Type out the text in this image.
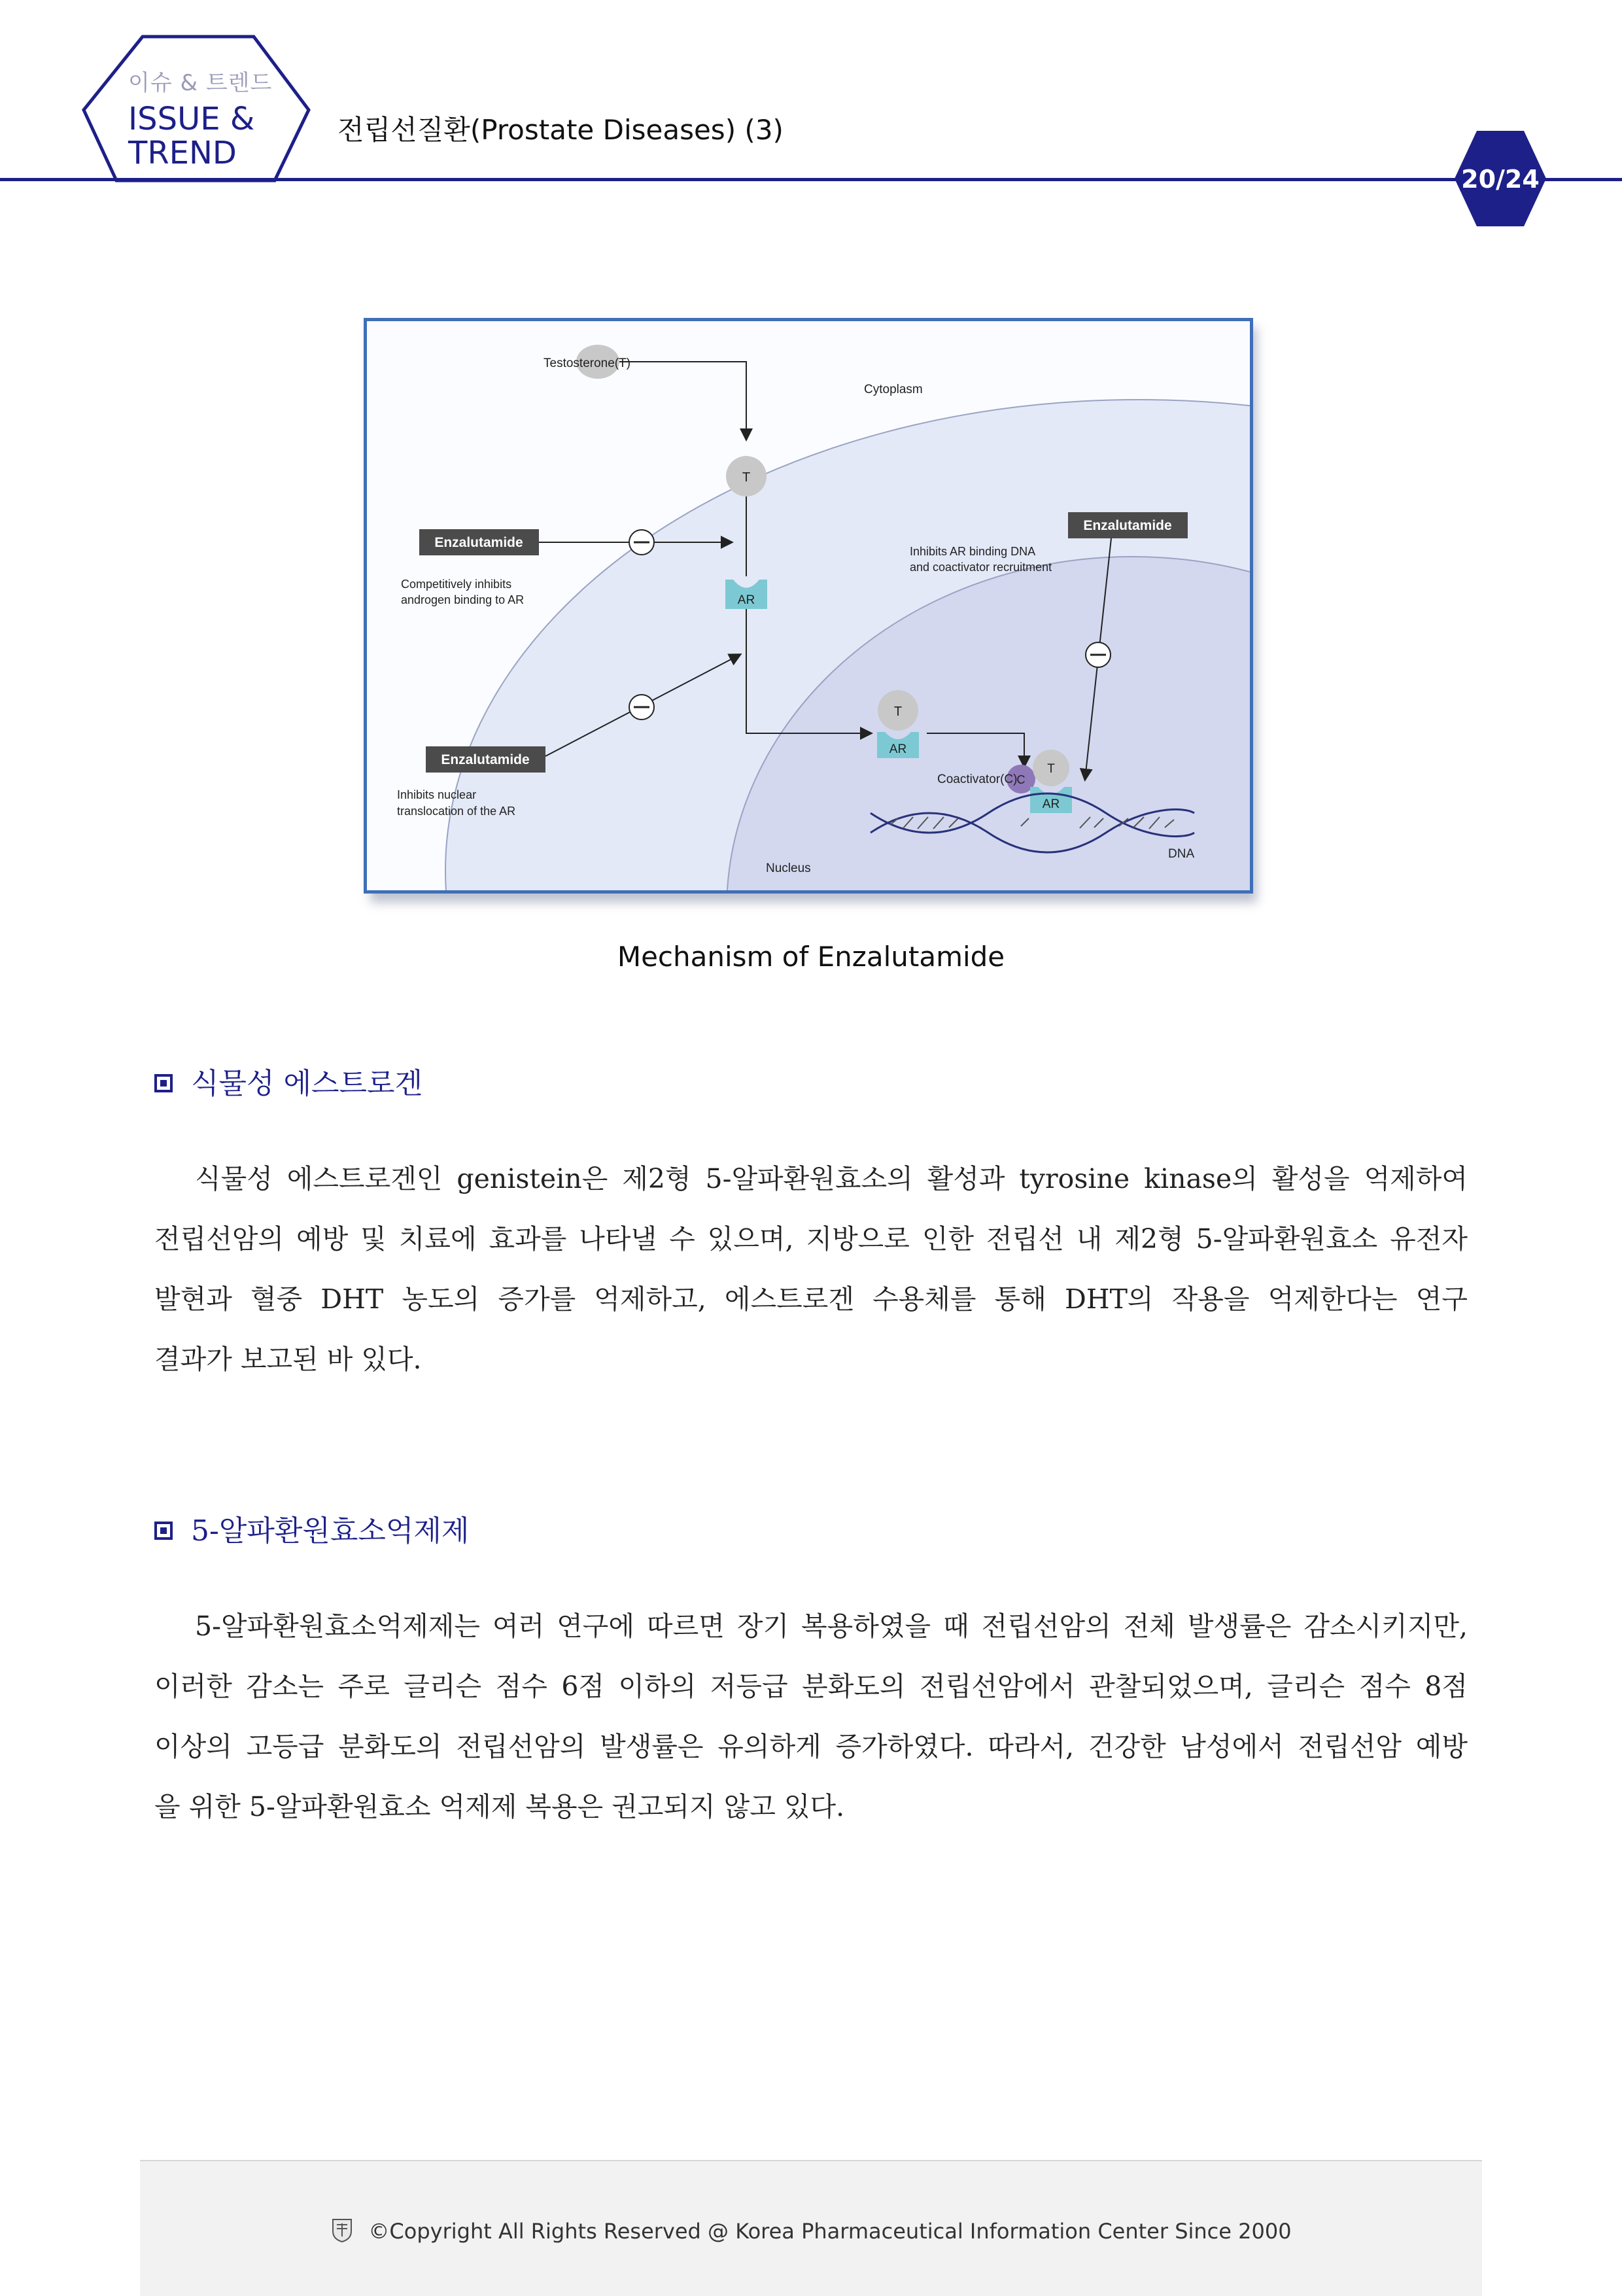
이슈 & 트렌드
ISSUE &
TREND
전립선질환(Prostate Diseases) (3)
20/24
Testosterone(T)
Cytoplasm
T
AR
Enzalutamide
Competitively inhibits
androgen binding to AR
Enzalutamide
Inhibits nuclear
translocation of the AR
Enzalutamide
Inhibits AR binding DNA
and coactivator recruitment
T
AR
C
Coactivator(C)
T
AR
DNA
Nucleus
Mechanism of Enzalutamide
식물성 에스트로겐
식물성 에스트로겐인 genistein은 제2형 5-알파환원효소의 활성과 tyrosine kinase의 활성을 억제하여
전립선암의 예방 및 치료에 효과를 나타낼 수 있으며, 지방으로 인한 전립선 내 제2형 5-알파환원효소 유전자
발현과 혈중 DHT 농도의 증가를 억제하고, 에스트로겐 수용체를 통해 DHT의 작용을 억제한다는 연구
결과가 보고된 바 있다.
5-알파환원효소억제제
5-알파환원효소억제제는 여러 연구에 따르면 장기 복용하였을 때 전립선암의 전체 발생률은 감소시키지만,
이러한 감소는 주로 글리슨 점수 6점 이하의 저등급 분화도의 전립선암에서 관찰되었으며, 글리슨 점수 8점
이상의 고등급 분화도의 전립선암의 발생률은 유의하게 증가하였다. 따라서, 건강한 남성에서 전립선암 예방
을 위한 5-알파환원효소 억제제 복용은 권고되지 않고 있다.
©Copyright All Rights Reserved @ Korea Pharmaceutical Information Center Since 2000
